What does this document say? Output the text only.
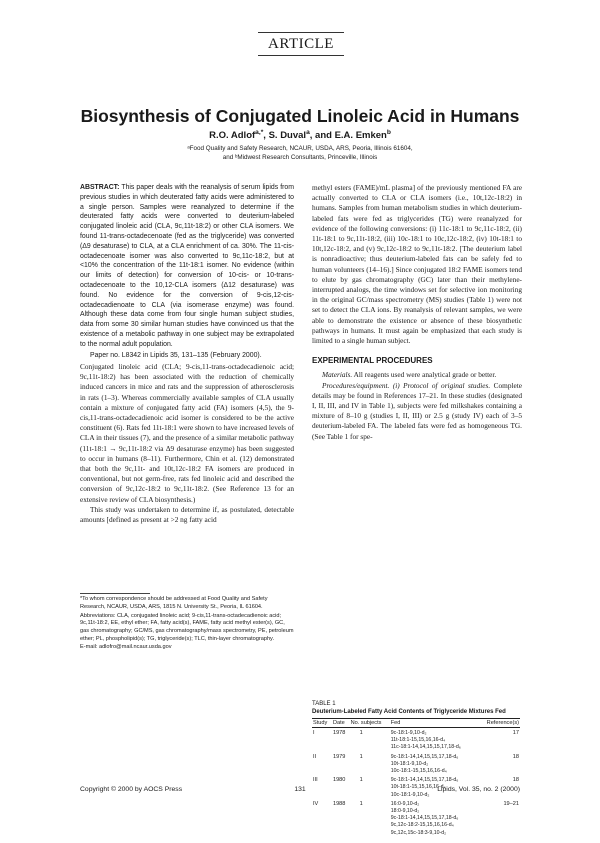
ARTICLE
Biosynthesis of Conjugated Linoleic Acid in Humans
R.O. Adlof$^{a,*}$, S. Duval$^a$, and E.A. Emken$^b$
ᵃFood Quality and Safety Research, NCAUR, USDA, ARS, Peoria, Illinois 61604,
and ᵇMidwest Research Consultants, Princeville, Illinois

ABSTRACT: This paper deals with the reanalysis of serum lipids from previous studies in which deuterated fatty acids were administered to a single person. Samples were reanalyzed to determine if the deuterated fatty acids were converted to deuterium-labeled conjugated linoleic acid (CLA, 9c,11t-18:2) or other CLA isomers. We found 11-trans-octadecenoate (fed as the triglyceride) was converted (Δ9 desaturase) to CLA, at a CLA enrichment of ca. 30%. The 11-cis-octadecenoate isomer was also converted to 9c,11c-18:2, but at <10% the concentration of the 11t-18:1 isomer. No evidence (within our limits of detection) for conversion of 10-cis- or 10-trans-octadecenoate to the 10,12-CLA isomers (Δ12 desaturase) was found. No evidence for the conversion of 9-cis,12-cis-octadecadienoate to CLA (via isomerase enzyme) was found. Although these data come from four single human subject studies, data from some 30 similar human studies have convinced us that the existence of a metabolic pathway in one subject may be extrapolated to the normal adult population.

Paper no. L8342 in Lipids 35, 131–135 (February 2000).

Conjugated linoleic acid (CLA; 9-cis,11-trans-octadecadienoic acid; 9c,11t-18:2) has been associated with the reduction of chemically induced cancers in mice and rats and the suppression of atherosclerosis in rats (1–3). Whereas commercially available samples of CLA usually contain a mixture of conjugated fatty acid (FA) isomers (4,5), the 9-cis,11-trans-octadecadienoic acid isomer is considered to be the active constituent (6). Rats fed 11t-18:1 were shown to have increased levels of CLA in their tissues (7), and the presence of a similar metabolic pathway (11t-18:1 → 9c,11t-18:2 via Δ9 desaturase enzyme) has been suggested to occur in humans (8–11). Furthermore, Chin et al. (12) demonstrated that both the 9c,11t- and 10t,12c-18:2 FA isomers are produced in conventional, but not germ-free, rats fed linoleic acid and described the conversion of 9c,12c-18:2 to 9c,11t-18:2. (See Reference 13 for an extensive review of CLA biosynthesis.)

This study was undertaken to determine if, as postulated, detectable amounts [defined as present at >2 ng fatty acid

*To whom correspondence should be addressed at Food Quality and Safety Research, NCAUR, USDA, ARS, 1815 N. University St., Peoria, IL 61604.
Abbreviations: CLA, conjugated linoleic acid; 9-cis,11-trans-octadecadienoic acid; 9c,11t-18:2, EE, ethyl ether; FA, fatty acid(s), FAME, fatty acid methyl ester(s), GC, gas chromatography; GC/MS, gas chromatography/mass spectrometry, PE, petroleum ether; PL, phospholipid(s); TG, triglyceride(s); TLC, thin-layer chromatography.
E-mail: adlofro@mail.ncaur.usda.gov

methyl esters (FAME)/mL plasma] of the previously mentioned FA are actually converted to CLA or CLA isomers (i.e., 10t,12c-18:2) in humans. Samples from human metabolism studies in which deuterium-labeled fats were fed as triglycerides (TG) were reanalyzed for evidence of the following conversions: (i) 11c-18:1 to 9c,11c-18:2, (ii) 11t-18:1 to 9c,11t-18:2, (iii) 10c-18:1 to 10c,12c-18:2, (iv) 10t-18:1 to 10t,12c-18:2, and (v) 9c,12c-18:2 to 9c,11t-18:2. [The deuterium label is nonradioactive; thus deuterium-labeled fats can be safely fed to human volunteers (14–16).] Since conjugated 18:2 FAME isomers tend to elute by gas chromatography (GC) later than their methylene-interrupted analogs, the time windows set for selective ion monitoring in the original GC/mass spectrometry (MS) studies (Table 1) were not set to detect the CLA ions. By reanalysis of relevant samples, we were able to demonstrate the existence or absence of these biosynthetic pathways in humans. It must again be emphasized that each study is limited to a single human subject.

EXPERIMENTAL PROCEDURES

Materials. All reagents used were analytical grade or better.

Procedures/equipment. (i) Protocol of original studies. Complete details may be found in References 17–21. In these studies (designated I, II, III, and IV in Table 1), subjects were fed milkshakes containing a mixture of 8–10 g (studies I, II, III) or 2.5 g (study IV) each of 3–5 deuterium-labeled FA. The labeled fats were fed as homogeneous TG. (See Table 1 for spe-

TABLE 1
Deuterium-Labeled Fatty Acid Contents of Triglyceride Mixtures Fed
Study	Date	No. subjects	Fed	Reference(s)
I	1978	1	9c-18:1-9,10-d₂	17
			11t-18:1-15,15,16,16-d₄	
			11c-18:1-14,14,15,15,17,18-d₆	
II	1979	1	9c-18:1-14,14,15,15,17,18-d₆	18
			10t-18:1-9,10-d₂	
			10c-18:1-15,15,16,16-d₄	
III	1980	1	9c-18:1-14,14,15,15,17,18-d₆	18
			10t-18:1-15,15,16,16-d₄	
			10c-18:1-9,10-d₂	
IV	1988	1	16:0-9,10-d₂	19–21
			18:0-9,10-d₂	
			9c-18:1-14,14,15,15,17,18-d₆	
			9c,12c-18:2-15,15,16,16-d₄	
			9c,12c,15c-18:3-9,10-d₂	
Copyright © 2000 by AOCS Press	131	Lipids, Vol. 35, no. 2 (2000)
